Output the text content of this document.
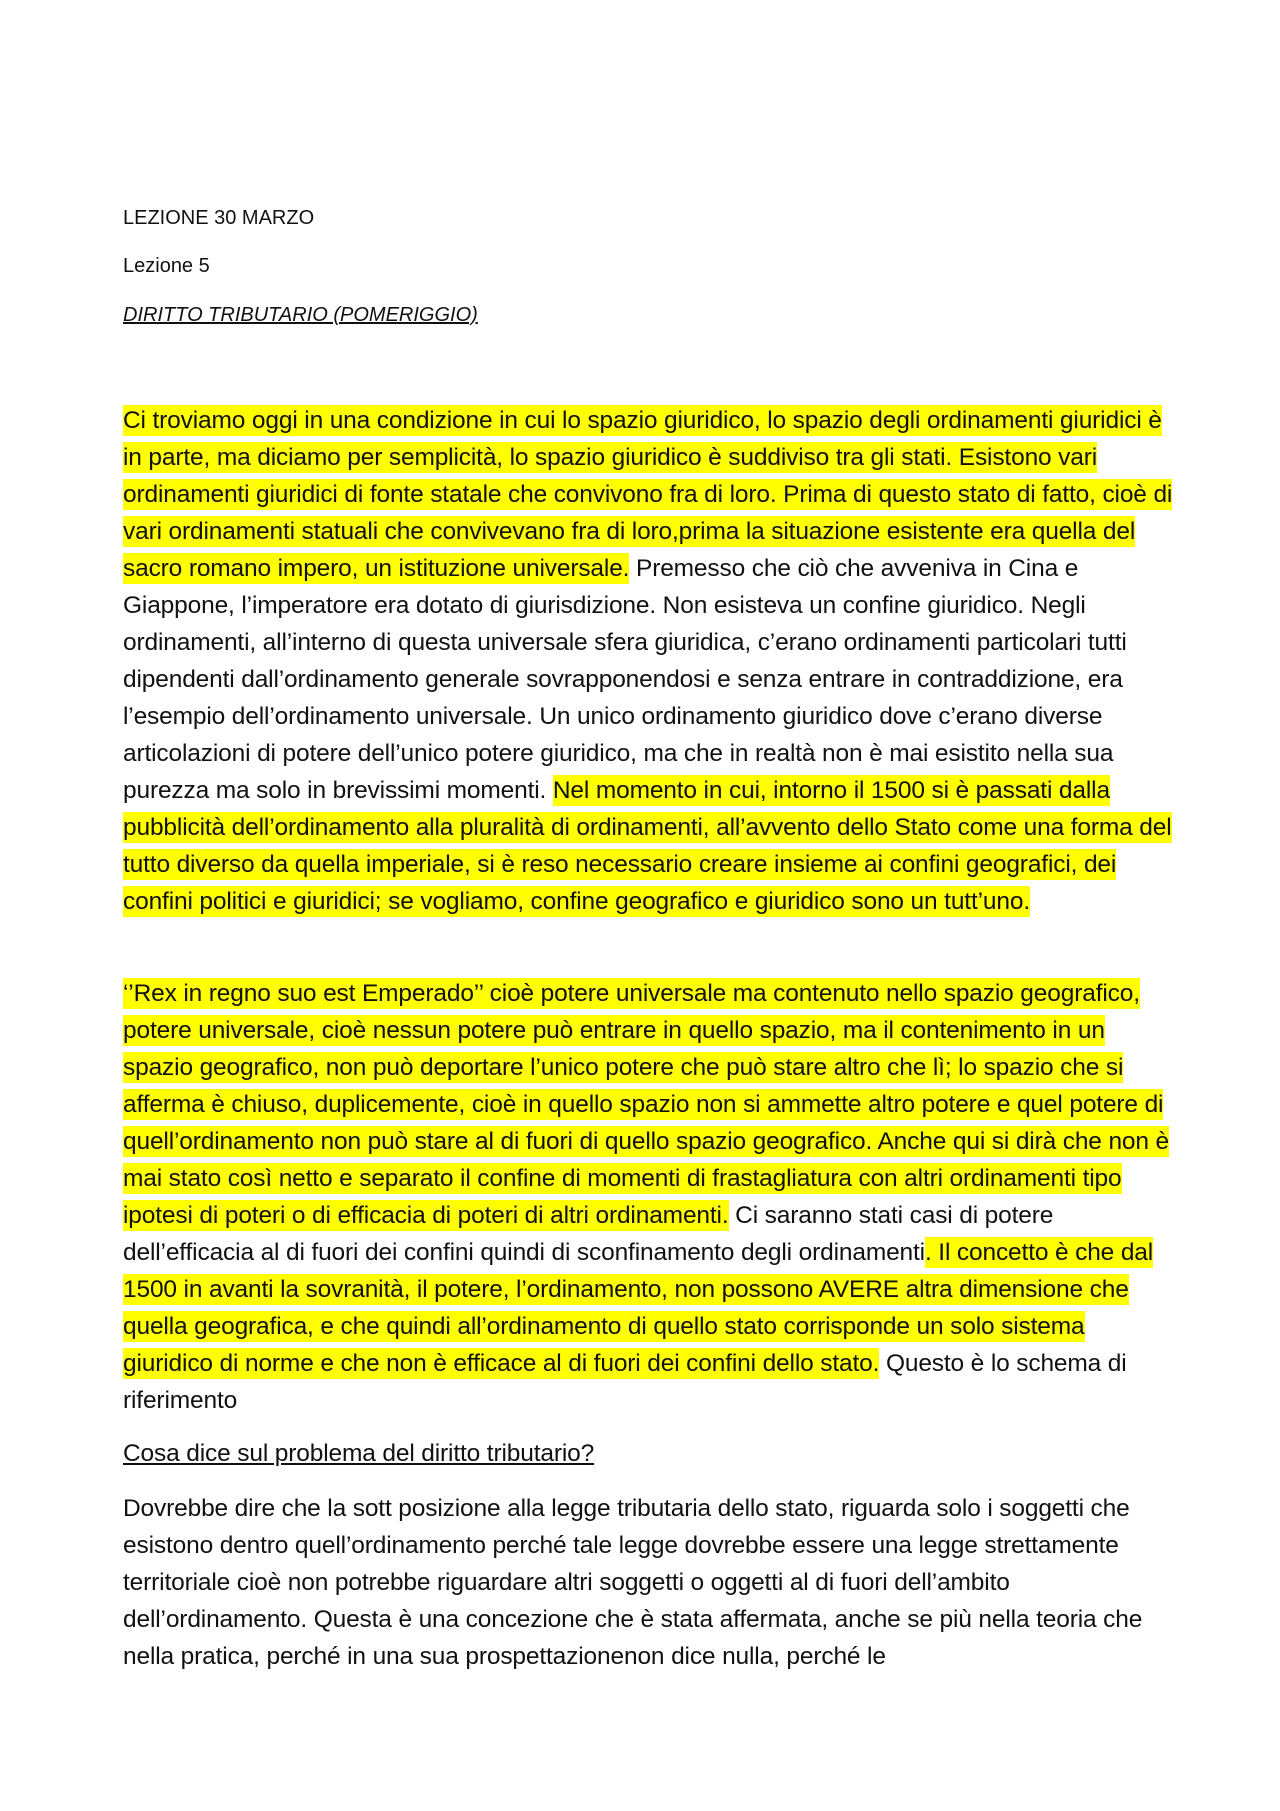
LEZIONE 30 MARZO
Lezione 5
DIRITTO TRIBUTARIO (POMERIGGIO)

Ci troviamo oggi in una condizione in cui lo spazio giuridico, lo spazio degli ordinamenti giuridici è in parte, ma diciamo per semplicità, lo spazio giuridico è suddiviso tra gli stati. Esistono vari ordinamenti giuridici di fonte statale che convivono fra di loro. Prima di questo stato di fatto, cioè di vari ordinamenti statuali che convivevano fra di loro,prima la situazione esistente era quella del sacro romano impero, un istituzione universale. Premesso che ciò che avveniva in Cina e Giappone, l’imperatore era dotato di giurisdizione. Non esisteva un confine giuridico. Negli ordinamenti, all’interno di questa universale sfera giuridica, c’erano ordinamenti particolari tutti dipendenti dall’ordinamento generale sovrapponendosi e senza entrare in contraddizione, era l’esempio dell’ordinamento universale. Un unico ordinamento giuridico dove c’erano diverse articolazioni di potere dell’unico potere giuridico, ma che in realtà non è mai esistito nella sua purezza ma solo in brevissimi momenti. Nel momento in cui, intorno il 1500 si è passati dalla pubblicità dell’ordinamento alla pluralità di ordinamenti, all’avvento dello Stato come una forma del tutto diverso da quella imperiale, si è reso necessario creare insieme ai confini geografici, dei confini politici e giuridici; se vogliamo, confine geografico e giuridico sono un tutt’uno.

‘’Rex in regno suo est Emperado’’ cioè potere universale ma contenuto nello spazio geografico, potere universale, cioè nessun potere può entrare in quello spazio, ma il contenimento in un spazio geografico, non può deportare l’unico potere che può stare altro che lì; lo spazio che si afferma è chiuso, duplicemente, cioè in quello spazio non si ammette altro potere e quel potere di quell’ordinamento non può stare al di fuori di quello spazio geografico. Anche qui si dirà che non è mai stato così netto e separato il confine di momenti di frastagliatura con altri ordinamenti tipo ipotesi di poteri o di efficacia di poteri di altri ordinamenti. Ci saranno stati casi di potere dell’efficacia al di fuori dei confini quindi di sconfinamento degli ordinamenti. Il concetto è che dal 1500 in avanti la sovranità, il potere, l’ordinamento, non possono AVERE altra dimensione che quella geografica, e che quindi all’ordinamento di quello stato corrisponde un solo sistema giuridico di norme e che non è efficace al di fuori dei confini dello stato. Questo è lo schema di riferimento

Cosa dice sul problema del diritto tributario?

Dovrebbe dire che la sott posizione alla legge tributaria dello stato, riguarda solo i soggetti che esistono dentro quell’ordinamento perché tale legge dovrebbe essere una legge strettamente territoriale cioè non potrebbe riguardare altri soggetti o oggetti al di fuori dell’ambito dell’ordinamento. Questa è una concezione che è stata affermata, anche se più nella teoria che nella pratica, perché in una sua prospettazionenon dice nulla, perché le
